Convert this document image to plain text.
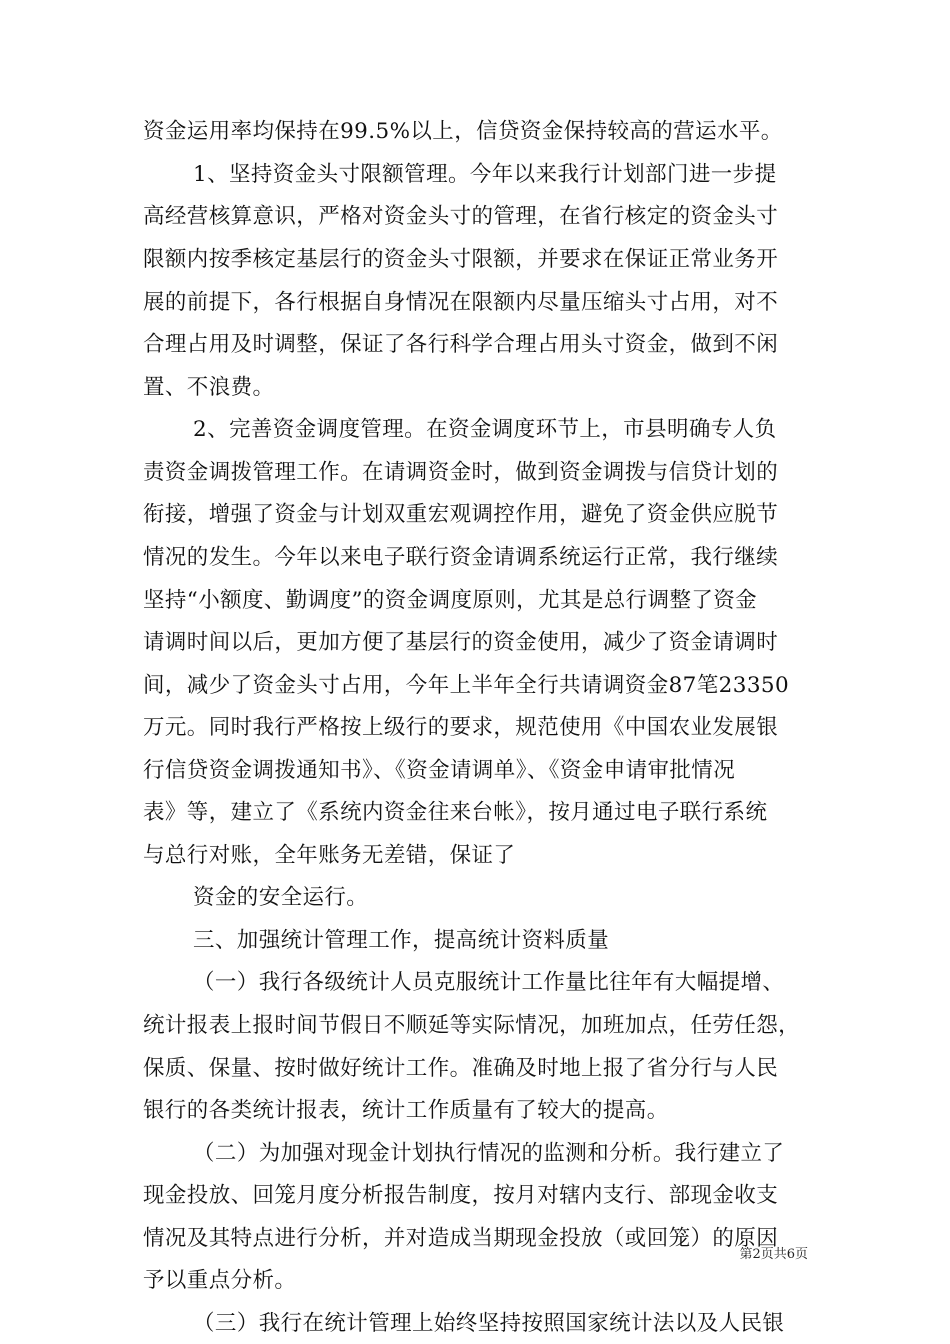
资金运用率均保持在99.5%以上，信贷资金保持较高的营运水平。
1、坚持资金头寸限额管理。今年以来我行计划部门进一步提
高经营核算意识，严格对资金头寸的管理，在省行核定的资金头寸
限额内按季核定基层行的资金头寸限额，并要求在保证正常业务开
展的前提下，各行根据自身情况在限额内尽量压缩头寸占用，对不
合理占用及时调整，保证了各行科学合理占用头寸资金，做到不闲
置、不浪费。
2、完善资金调度管理。在资金调度环节上，市县明确专人负
责资金调拨管理工作。在请调资金时，做到资金调拨与信贷计划的
衔接，增强了资金与计划双重宏观调控作用，避免了资金供应脱节
情况的发生。今年以来电子联行资金请调系统运行正常，我行继续
坚持“小额度、勤调度”的资金调度原则，尤其是总行调整了资金
请调时间以后，更加方便了基层行的资金使用，减少了资金请调时
间，减少了资金头寸占用，今年上半年全行共请调资金87笔23350
万元。同时我行严格按上级行的要求，规范使用《中国农业发展银
行信贷资金调拨通知书》、《资金请调单》、《资金申请审批情况
表》等，建立了《系统内资金往来台帐》，按月通过电子联行系统
与总行对账，全年账务无差错，保证了
资金的安全运行。
三、加强统计管理工作，提高统计资料质量
（一）我行各级统计人员克服统计工作量比往年有大幅提增、
统计报表上报时间节假日不顺延等实际情况，加班加点，任劳任怨，
保质、保量、按时做好统计工作。准确及时地上报了省分行与人民
银行的各类统计报表，统计工作质量有了较大的提高。
（二）为加强对现金计划执行情况的监测和分析。我行建立了
现金投放、回笼月度分析报告制度，按月对辖内支行、部现金收支
情况及其特点进行分析，并对造成当期现金投放（或回笼）的原因
予以重点分析。
（三）我行在统计管理上始终坚持按照国家统计法以及人民银
第2页共6页
